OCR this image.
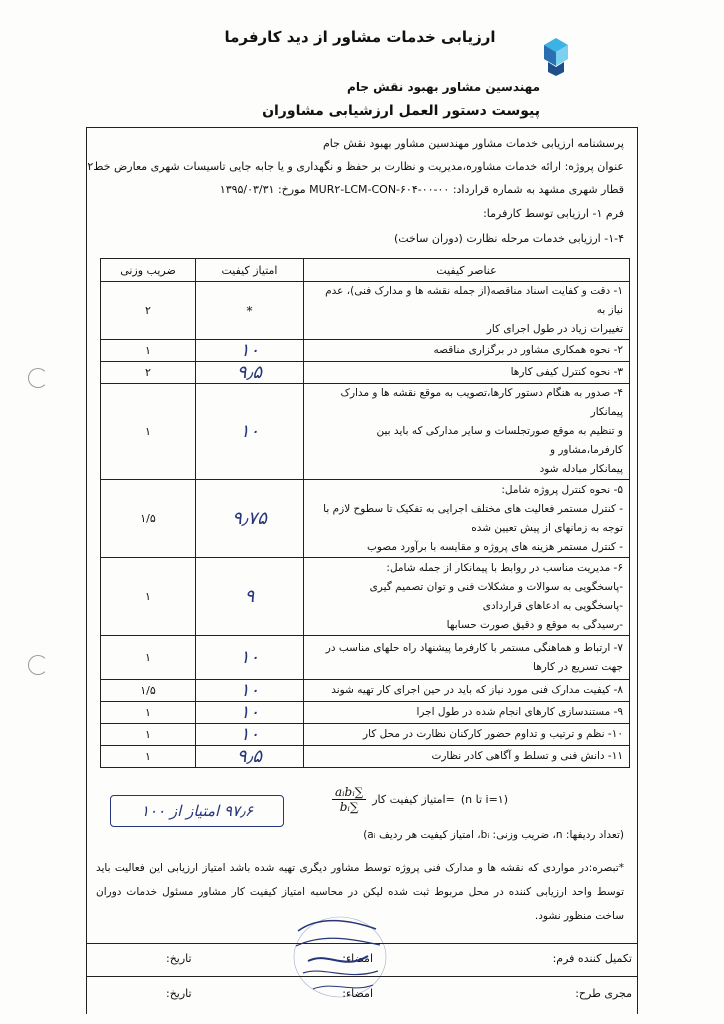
ارزیابی خدمات مشاور از دید کارفرما
مهندسین مشاور بهبود نقش جام
پیوست دستور العمل ارزشیابی مشاوران
پرسشنامه ارزیابی خدمات مشاور مهندسین مشاور بهبود نقش جام
عنوان پروژه: ارائه خدمات مشاوره،مدیریت و نظارت بر حفظ و نگهداری و یا جابه جایی تاسیسات شهری معارض خط۲
قطار شهری مشهد به شماره قرارداد: MUR۲-LCM-CON-۶۰۴-۰۰-۰۰ مورخ: ۱۳۹۵/۰۳/۳۱
فرم ۱- ارزیابی توسط کارفرما:
۱-۴- ارزیابی خدمات مرحله نظارت (دوران ساخت)
عناصر کیفیت	امتیاز کیفیت	ضریب وزنی

۱- دقت و کفایت اسناد مناقصه(از جمله نقشه ها و مدارک فنی)، عدم نیاز به
تغییرات زیاد در طول اجرای کار	*	۲

۲- نحوه همکاری مشاور در برگزاری مناقصه	۱۰	۱

۳- نحوه کنترل کیفی کارها	۹٫۵	۲

۴- صدور به هنگام دستور کارها،تصویب به موقع نقشه ها و مدارک پیمانکار
و تنظیم به موقع صورتجلسات و سایر مدارکی که باید بین کارفرما،مشاور و
پیمانکار مبادله شود	۱۰	۱

۵- نحوه کنترل پروژه شامل:
- کنترل مستمر فعالیت های مختلف اجرایی به تفکیک تا سطوح لازم با
توجه به زمانهای از پیش تعیین شده
- کنترل مستمر هزینه های پروژه و مقایسه با برآورد مصوب	۹٫۷۵	۱/۵

۶- مدیریت مناسب در روابط با پیمانکار از جمله شامل:
-پاسخگویی به سوالات و مشکلات فنی و توان تصمیم گیری
-پاسخگویی به ادعاهای قراردادی
-رسیدگی به موقع و دقیق صورت حسابها	۹	۱

۷- ارتباط و هماهنگی مستمر با کارفرما پیشنهاد راه حلهای مناسب در
جهت تسریع در کارها	۱۰	۱

۸- کیفیت مدارک فنی مورد نیاز که باید در حین اجرای کار تهیه شوند	۱۰	۱/۵

۹- مستندسازی کارهای انجام شده در طول اجرا	۱۰	۱

۱۰- نظم و ترتیب و تداوم حضور کارکنان نظارت در محل کار	۱۰	۱

۱۱- دانش فنی و تسلط و آگاهی کادر نظارت	۹٫۵	۱
(i=۱ تا n)
=امتیاز کیفیت کار
$\frac{\text{∑aᵢbᵢ}}{\text{∑bᵢ}}$
۹۷٫۶ امتیاز از ۱۰۰
(تعداد ردیفها: n، ضریب وزنی: bᵢ، امتیاز کیفیت هر ردیف aᵢ)
*تبصره:در مواردی که نقشه ها و مدارک فنی پروژه توسط مشاور دیگری تهیه شده باشد امتیاز ارزیابی این فعالیت باید توسط واحد ارزیابی کننده در محل مربوط ثبت شده لیکن در محاسبه امتیاز کیفیت کار مشاور مسئول خدمات دوران ساخت منظور نشود.
تکمیل کننده فرم:
امضاء:
تاریخ:
مجری طرح:
امضاء:
تاریخ:
